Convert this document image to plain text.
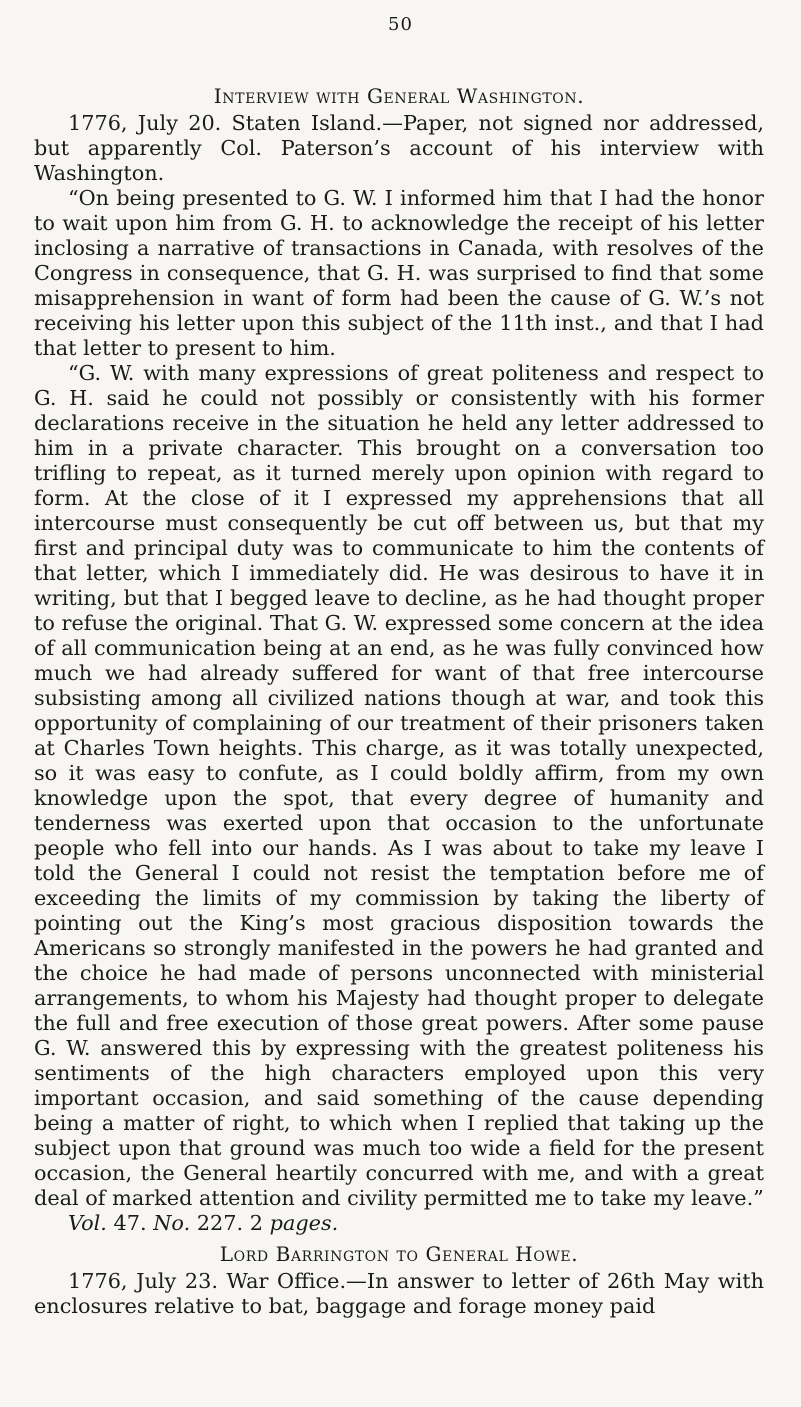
50

Interview with General Washington.

1776, July 20. Staten Island.—Paper, not signed nor addressed, but apparently Col. Paterson’s account of his interview with Washington.

“On being presented to G. W. I informed him that I had the honor to wait upon him from G. H. to acknowledge the receipt of his letter inclosing a narrative of transactions in Canada, with resolves of the Congress in consequence, that G. H. was surprised to find that some misapprehension in want of form had been the cause of G. W.’s not receiving his letter upon this subject of the 11th inst., and that I had that letter to present to him.

“G. W. with many expressions of great politeness and respect to G. H. said he could not possibly or consistently with his former declarations receive in the situation he held any letter addressed to him in a private character. This brought on a conversation too trifling to repeat, as it turned merely upon opinion with regard to form. At the close of it I expressed my apprehensions that all intercourse must consequently be cut off between us, but that my first and principal duty was to communicate to him the contents of that letter, which I immediately did. He was desirous to have it in writing, but that I begged leave to decline, as he had thought proper to refuse the original. That G. W. expressed some concern at the idea of all communication being at an end, as he was fully convinced how much we had already suffered for want of that free intercourse subsisting among all civilized nations though at war, and took this opportunity of complaining of our treatment of their prisoners taken at Charles Town heights. This charge, as it was totally unexpected, so it was easy to confute, as I could boldly affirm, from my own knowledge upon the spot, that every degree of humanity and tenderness was exerted upon that occasion to the unfortunate people who fell into our hands. As I was about to take my leave I told the General I could not resist the temptation before me of exceeding the limits of my commission by taking the liberty of pointing out the King’s most gracious disposition towards the Americans so strongly manifested in the powers he had granted and the choice he had made of persons unconnected with ministerial arrangements, to whom his Majesty had thought proper to delegate the full and free execution of those great powers. After some pause G. W. answered this by expressing with the greatest politeness his sentiments of the high characters employed upon this very important occasion, and said something of the cause depending being a matter of right, to which when I replied that taking up the subject upon that ground was much too wide a field for the present occasion, the General heartily concurred with me, and with a great deal of marked attention and civility permitted me to take my leave.”

Vol. 47. No. 227. 2 pages.

Lord Barrington to General Howe.

1776, July 23. War Office.—In answer to letter of 26th May with enclosures relative to bat, baggage and forage money paid
